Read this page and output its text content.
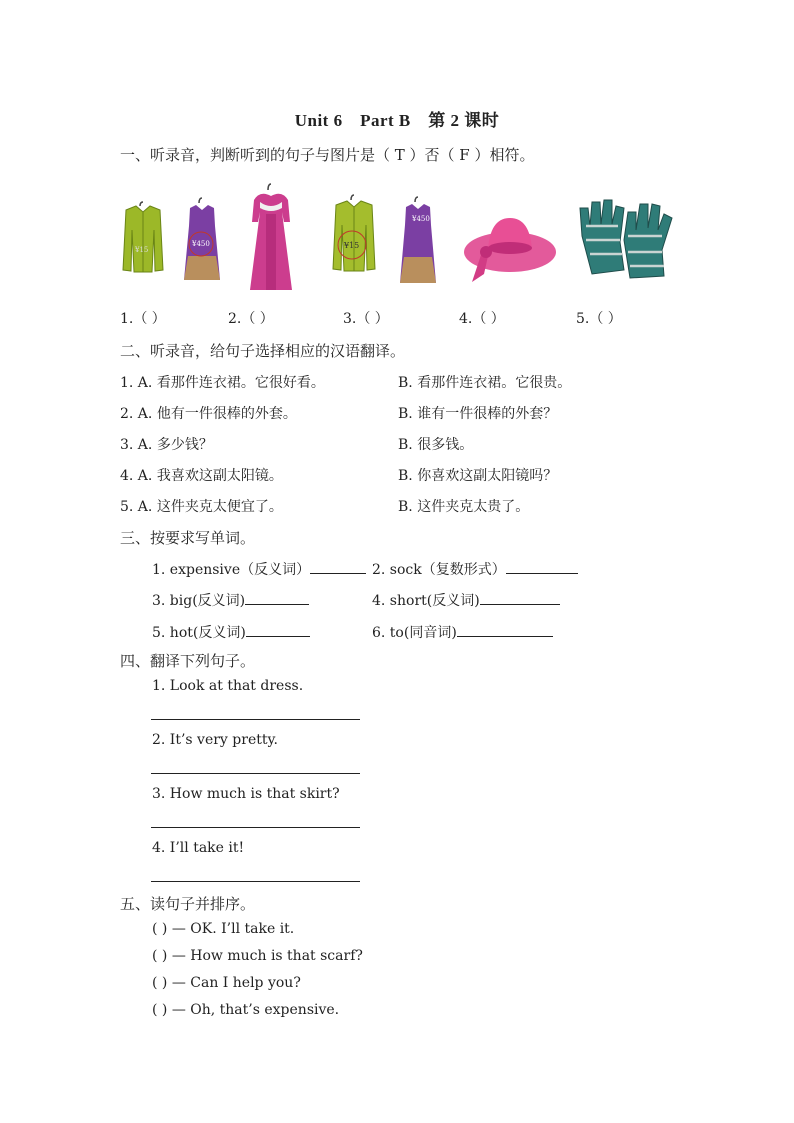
Unit 6　Part B　第 2 课时
一、听录音，判断听到的句子与图片是（ T ）否（ F ）相符。
¥15
¥450	¥15
¥450
1.（ ）	2.（ ）	3.（ ）	4.（ ）	5.（ ）
二、听录音，给句子选择相应的汉语翻译。
1. A. 看那件连衣裙。它很好看。	B. 看那件连衣裙。它很贵。
2. A. 他有一件很棒的外套。	B. 谁有一件很棒的外套？
3. A. 多少钱？	B. 很多钱。
4. A. 我喜欢这副太阳镜。	B. 你喜欢这副太阳镜吗？
5. A. 这件夹克太便宜了。	B. 这件夹克太贵了。
三、按要求写单词。
1. expensive（反义词）	2. sock（复数形式）
3. big(反义词)	4. short(反义词)
5. hot(反义词)	6. to(同音词)
四、翻译下列句子。
1. Look at that dress.
2. It’s very pretty.
3. How much is that skirt?
4. I’ll take it!
五、读句子并排序。
( ) — OK. I’ll take it.
( ) — How much is that scarf?
( ) — Can I help you?
( ) — Oh, that’s expensive.
